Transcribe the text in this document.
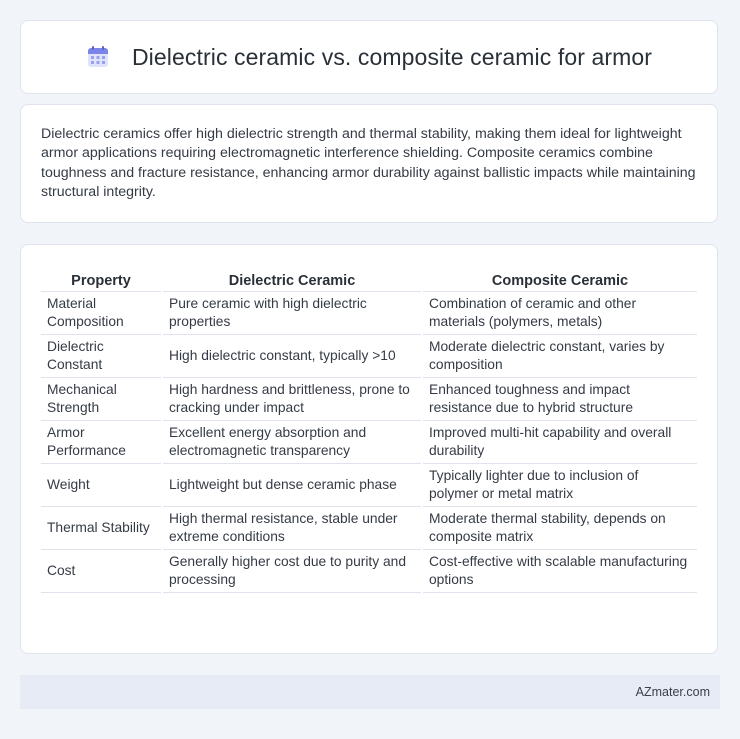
Dielectric ceramic vs. composite ceramic for armor

Dielectric ceramics offer high dielectric strength and thermal stability, making them ideal for lightweight armor applications requiring electromagnetic interference shielding. Composite ceramics combine toughness and fracture resistance, enhancing armor durability against ballistic impacts while maintaining structural integrity.

Property	Dielectric Ceramic	Composite Ceramic
Material Composition	Pure ceramic with high dielectric properties	Combination of ceramic and other materials (polymers, metals)
Dielectric Constant	High dielectric constant, typically >10	Moderate dielectric constant, varies by composition
Mechanical Strength	High hardness and brittleness, prone to cracking under impact	Enhanced toughness and impact resistance due to hybrid structure
Armor Performance	Excellent energy absorption and electromagnetic transparency	Improved multi-hit capability and overall durability
Weight	Lightweight but dense ceramic phase	Typically lighter due to inclusion of polymer or metal matrix
Thermal Stability	High thermal resistance, stable under extreme conditions	Moderate thermal stability, depends on composite matrix
Cost	Generally higher cost due to purity and processing	Cost-effective with scalable manufacturing options
AZmater.com
